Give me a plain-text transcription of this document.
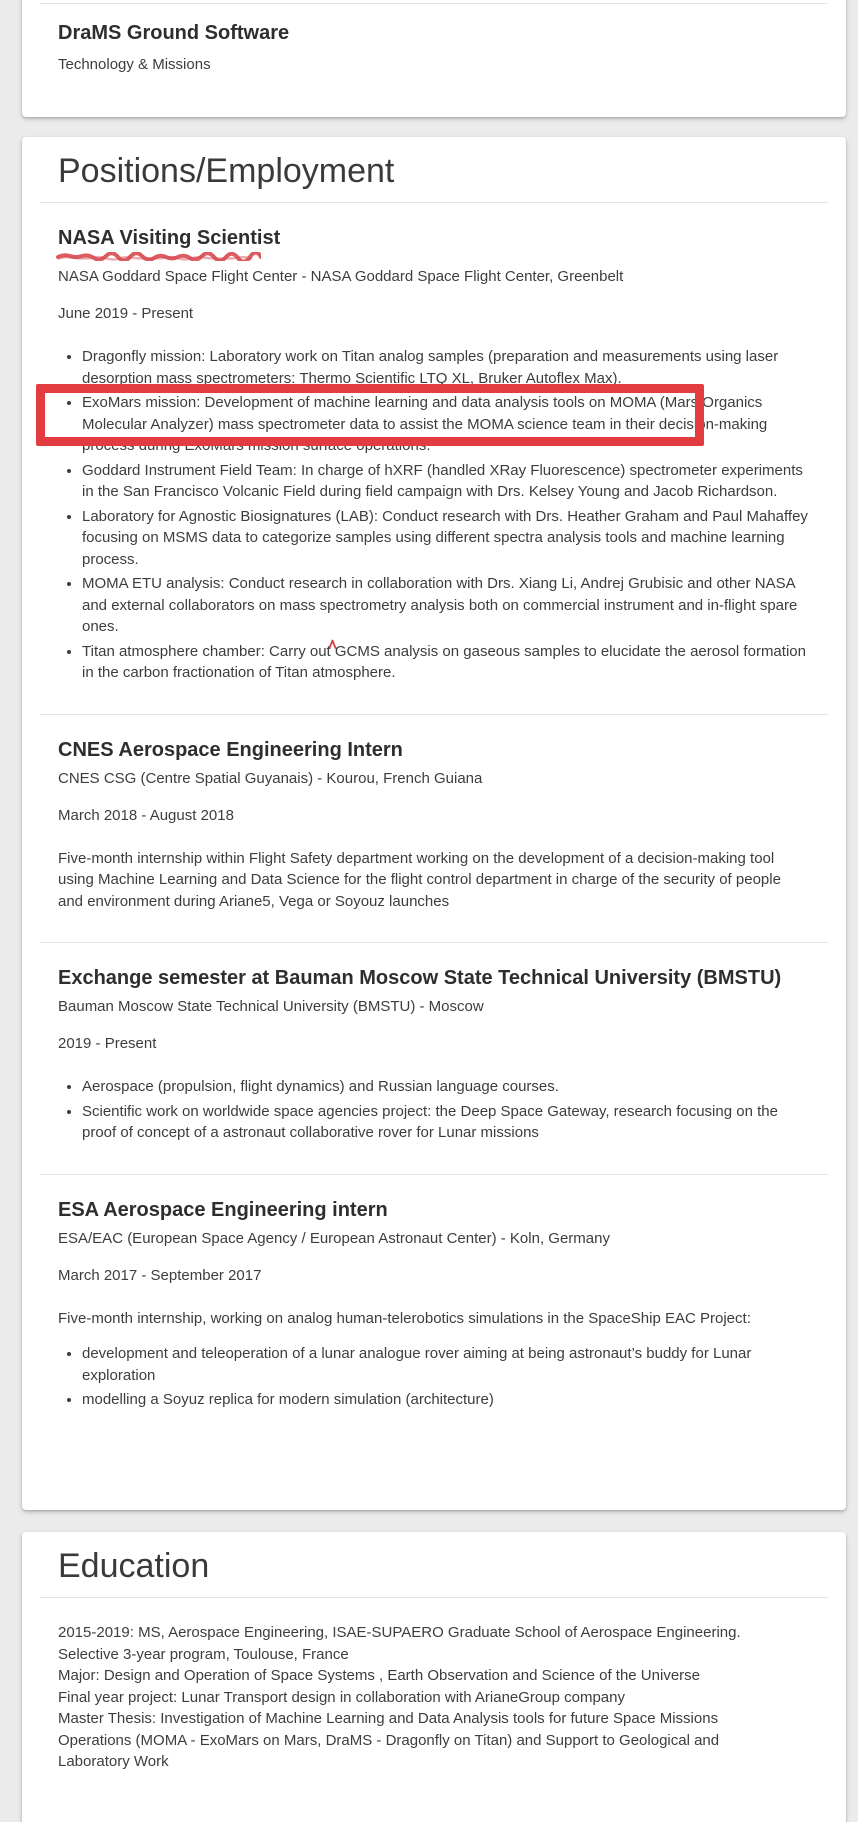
DraMS Ground Software

Technology & Missions

Positions/Employment
NASA Visiting Scientist

NASA Goddard Space Flight Center - NASA Goddard Space Flight Center, Greenbelt

June 2019 - Present

• Dragonfly mission: Laboratory work on Titan analog samples (preparation and measurements using laser desorption mass spectrometers: Thermo Scientific LTQ XL, Bruker Autoflex Max).
• ExoMars mission: Development of machine learning and data analysis tools on MOMA (Mars Organics Molecular Analyzer) mass spectrometer data to assist the MOMA science team in their decision-making process during ExoMars mission surface operations.
• Goddard Instrument Field Team: In charge of hXRF (handled XRay Fluorescence) spectrometer experiments in the San Francisco Volcanic Field during field campaign with Drs. Kelsey Young and Jacob Richardson.
• Laboratory for Agnostic Biosignatures (LAB): Conduct research with Drs. Heather Graham and Paul Mahaffey focusing on MSMS data to categorize samples using different spectra analysis tools and machine learning process.
• MOMA ETU analysis: Conduct research in collaboration with Drs. Xiang Li, Andrej Grubisic and other NASA and external collaborators on mass spectrometry analysis both on commercial instrument and in-flight spare ones.
• Titan atmosphere chamber: Carry out GCMS analysis on gaseous samples to elucidate the aerosol formation in the carbon fractionation of Titan atmosphere.
CNES Aerospace Engineering Intern

CNES CSG (Centre Spatial Guyanais) - Kourou, French Guiana

March 2018 - August 2018

Five-month internship within Flight Safety department working on the development of a decision-making tool using Machine Learning and Data Science for the flight control department in charge of the security of people and environment during Ariane5, Vega or Soyouz launches

Exchange semester at Bauman Moscow State Technical University (BMSTU)

Bauman Moscow State Technical University (BMSTU) - Moscow

2019 - Present

• Aerospace (propulsion, flight dynamics) and Russian language courses.
• Scientific work on worldwide space agencies project: the Deep Space Gateway, research focusing on the proof of concept of a astronaut collaborative rover for Lunar missions
ESA Aerospace Engineering intern

ESA/EAC (European Space Agency / European Astronaut Center) - Koln, Germany

March 2017 - September 2017

Five-month internship, working on analog human-telerobotics simulations in the SpaceShip EAC Project:

• development and teleoperation of a lunar analogue rover aiming at being astronaut’s buddy for Lunar exploration
• modelling a Soyuz replica for modern simulation (architecture)
Education

2015-2019: MS, Aerospace Engineering, ISAE-SUPAERO Graduate School of Aerospace Engineering.

Selective 3-year program, Toulouse, France

Major: Design and Operation of Space Systems , Earth Observation and Science of the Universe

Final year project: Lunar Transport design in collaboration with ArianeGroup company

Master Thesis: Investigation of Machine Learning and Data Analysis tools for future Space Missions

Operations (MOMA - ExoMars on Mars, DraMS - Dragonfly on Titan) and Support to Geological and

Laboratory Work
